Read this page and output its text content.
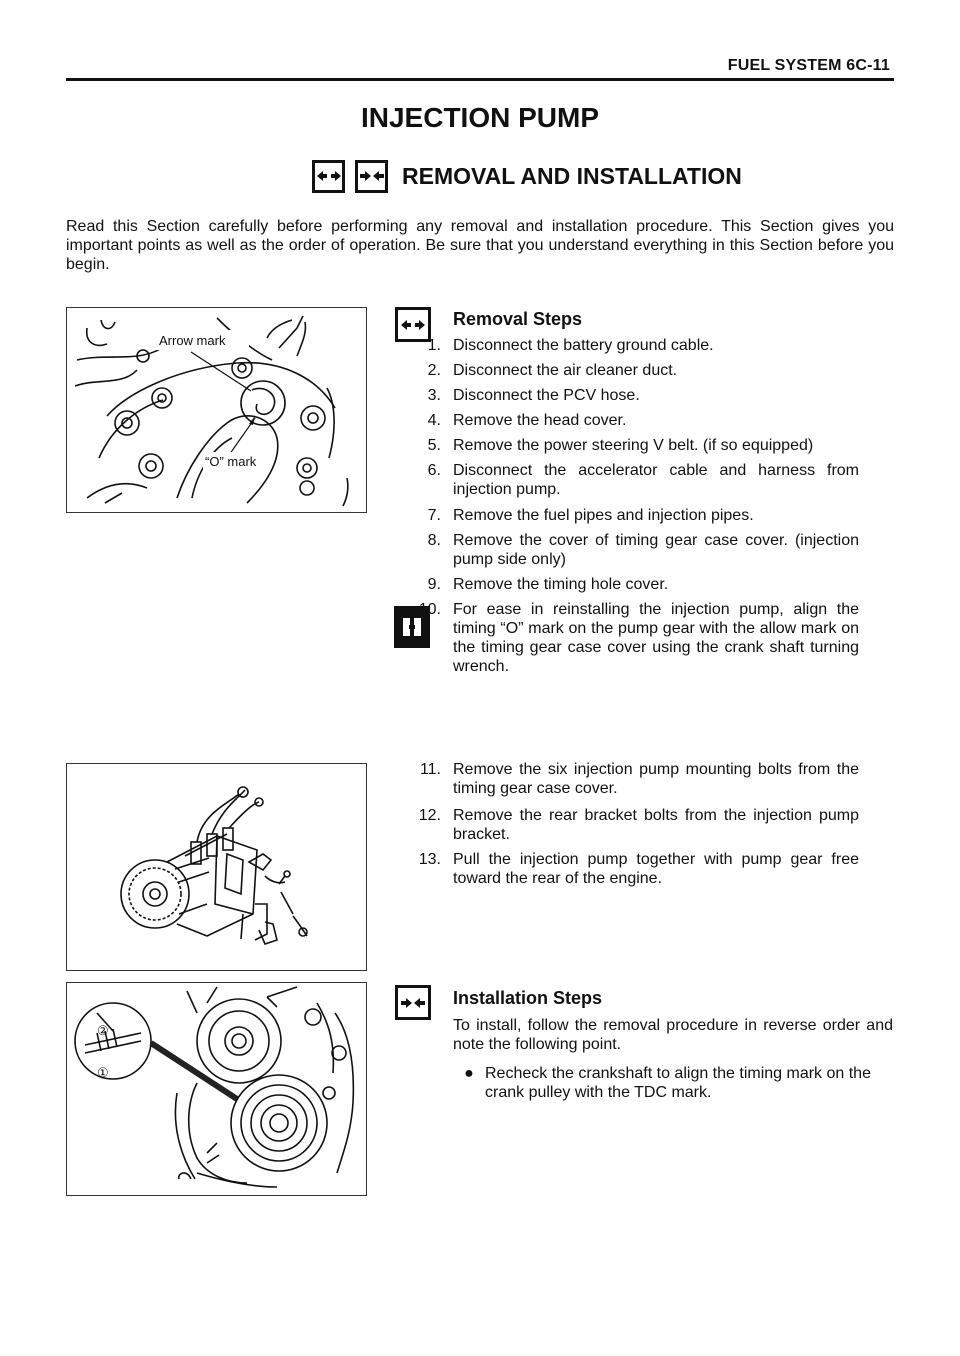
FUEL SYSTEM 6C-11
INJECTION PUMP
REMOVAL AND INSTALLATION
Read this Section carefully before performing any removal and installation procedure. This Section gives you important points as well as the order of operation. Be sure that you understand everything in this Section before you begin.
Arrow mark
“O” mark
②
①
Removal Steps
1. Disconnect the battery ground cable.
2. Disconnect the air cleaner duct.
3. Disconnect the PCV hose.
4. Remove the head cover.
5. Remove the power steering V belt. (if so equipped)
6. Disconnect the accelerator cable and harness from injection pump.
7. Remove the fuel pipes and injection pipes.
8. Remove the cover of timing gear case cover. (injection pump side only)
9. Remove the timing hole cover.
10. For ease in reinstalling the injection pump, align the timing “O” mark on the pump gear with the allow mark on the timing gear case cover using the crank shaft turning wrench.
11. Remove the six injection pump mounting bolts from the timing gear case cover.
12. Remove the rear bracket bolts from the injection pump bracket.
13. Pull the injection pump together with pump gear free toward the rear of the engine.
Installation Steps
To install, follow the removal procedure in reverse order and note the following point.
● Recheck the crankshaft to align the timing mark on the crank pulley with the TDC mark.
